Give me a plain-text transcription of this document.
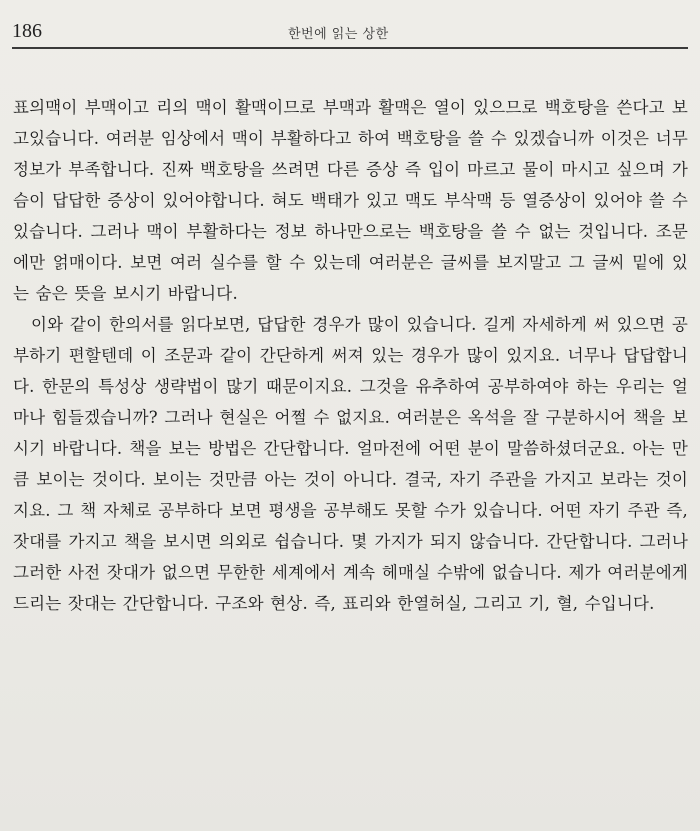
186	한번에 읽는 상한

표의맥이 부맥이고 리의 맥이 활맥이므로 부맥과 활맥은 열이 있으므로 백호탕을 쓴다고 보고있습니다. 여러분 임상에서 맥이 부활하다고 하여 백호탕을 쓸 수 있겠습니까 이것은 너무 정보가 부족합니다. 진짜 백호탕을 쓰려면 다른 증상 즉 입이 마르고 물이 마시고 싶으며 가슴이 답답한 증상이 있어야합니다. 혀도 백태가 있고 맥도 부삭맥 등 열증상이 있어야 쓸 수 있습니다. 그러나 맥이 부활하다는 정보 하나만으로는 백호탕을 쓸 수 없는 것입니다. 조문에만 얽매이다. 보면 여러 실수를 할 수 있는데 여러분은 글씨를 보지말고 그 글씨 밑에 있는 숨은 뜻을 보시기 바랍니다.

이와 같이 한의서를 읽다보면, 답답한 경우가 많이 있습니다. 길게 자세하게 써 있으면 공부하기 편할텐데 이 조문과 같이 간단하게 써져 있는 경우가 많이 있지요. 너무나 답답합니다. 한문의 특성상 생략법이 많기 때문이지요. 그것을 유추하여 공부하여야 하는 우리는 얼마나 힘들겠습니까? 그러나 현실은 어쩔 수 없지요. 여러분은 옥석을 잘 구분하시어 책을 보시기 바랍니다. 책을 보는 방법은 간단합니다. 얼마전에 어떤 분이 말씀하셨더군요. 아는 만큼 보이는 것이다. 보이는 것만큼 아는 것이 아니다. 결국, 자기 주관을 가지고 보라는 것이지요. 그 책 자체로 공부하다 보면 평생을 공부해도 못할 수가 있습니다. 어떤 자기 주관 즉, 잣대를 가지고 책을 보시면 의외로 쉽습니다. 몇 가지가 되지 않습니다. 간단합니다. 그러나 그러한 사전 잣대가 없으면 무한한 세계에서 계속 헤매실 수밖에 없습니다. 제가 여러분에게 드리는 잣대는 간단합니다. 구조와 현상. 즉, 표리와 한열허실, 그리고 기, 혈, 수입니다.
